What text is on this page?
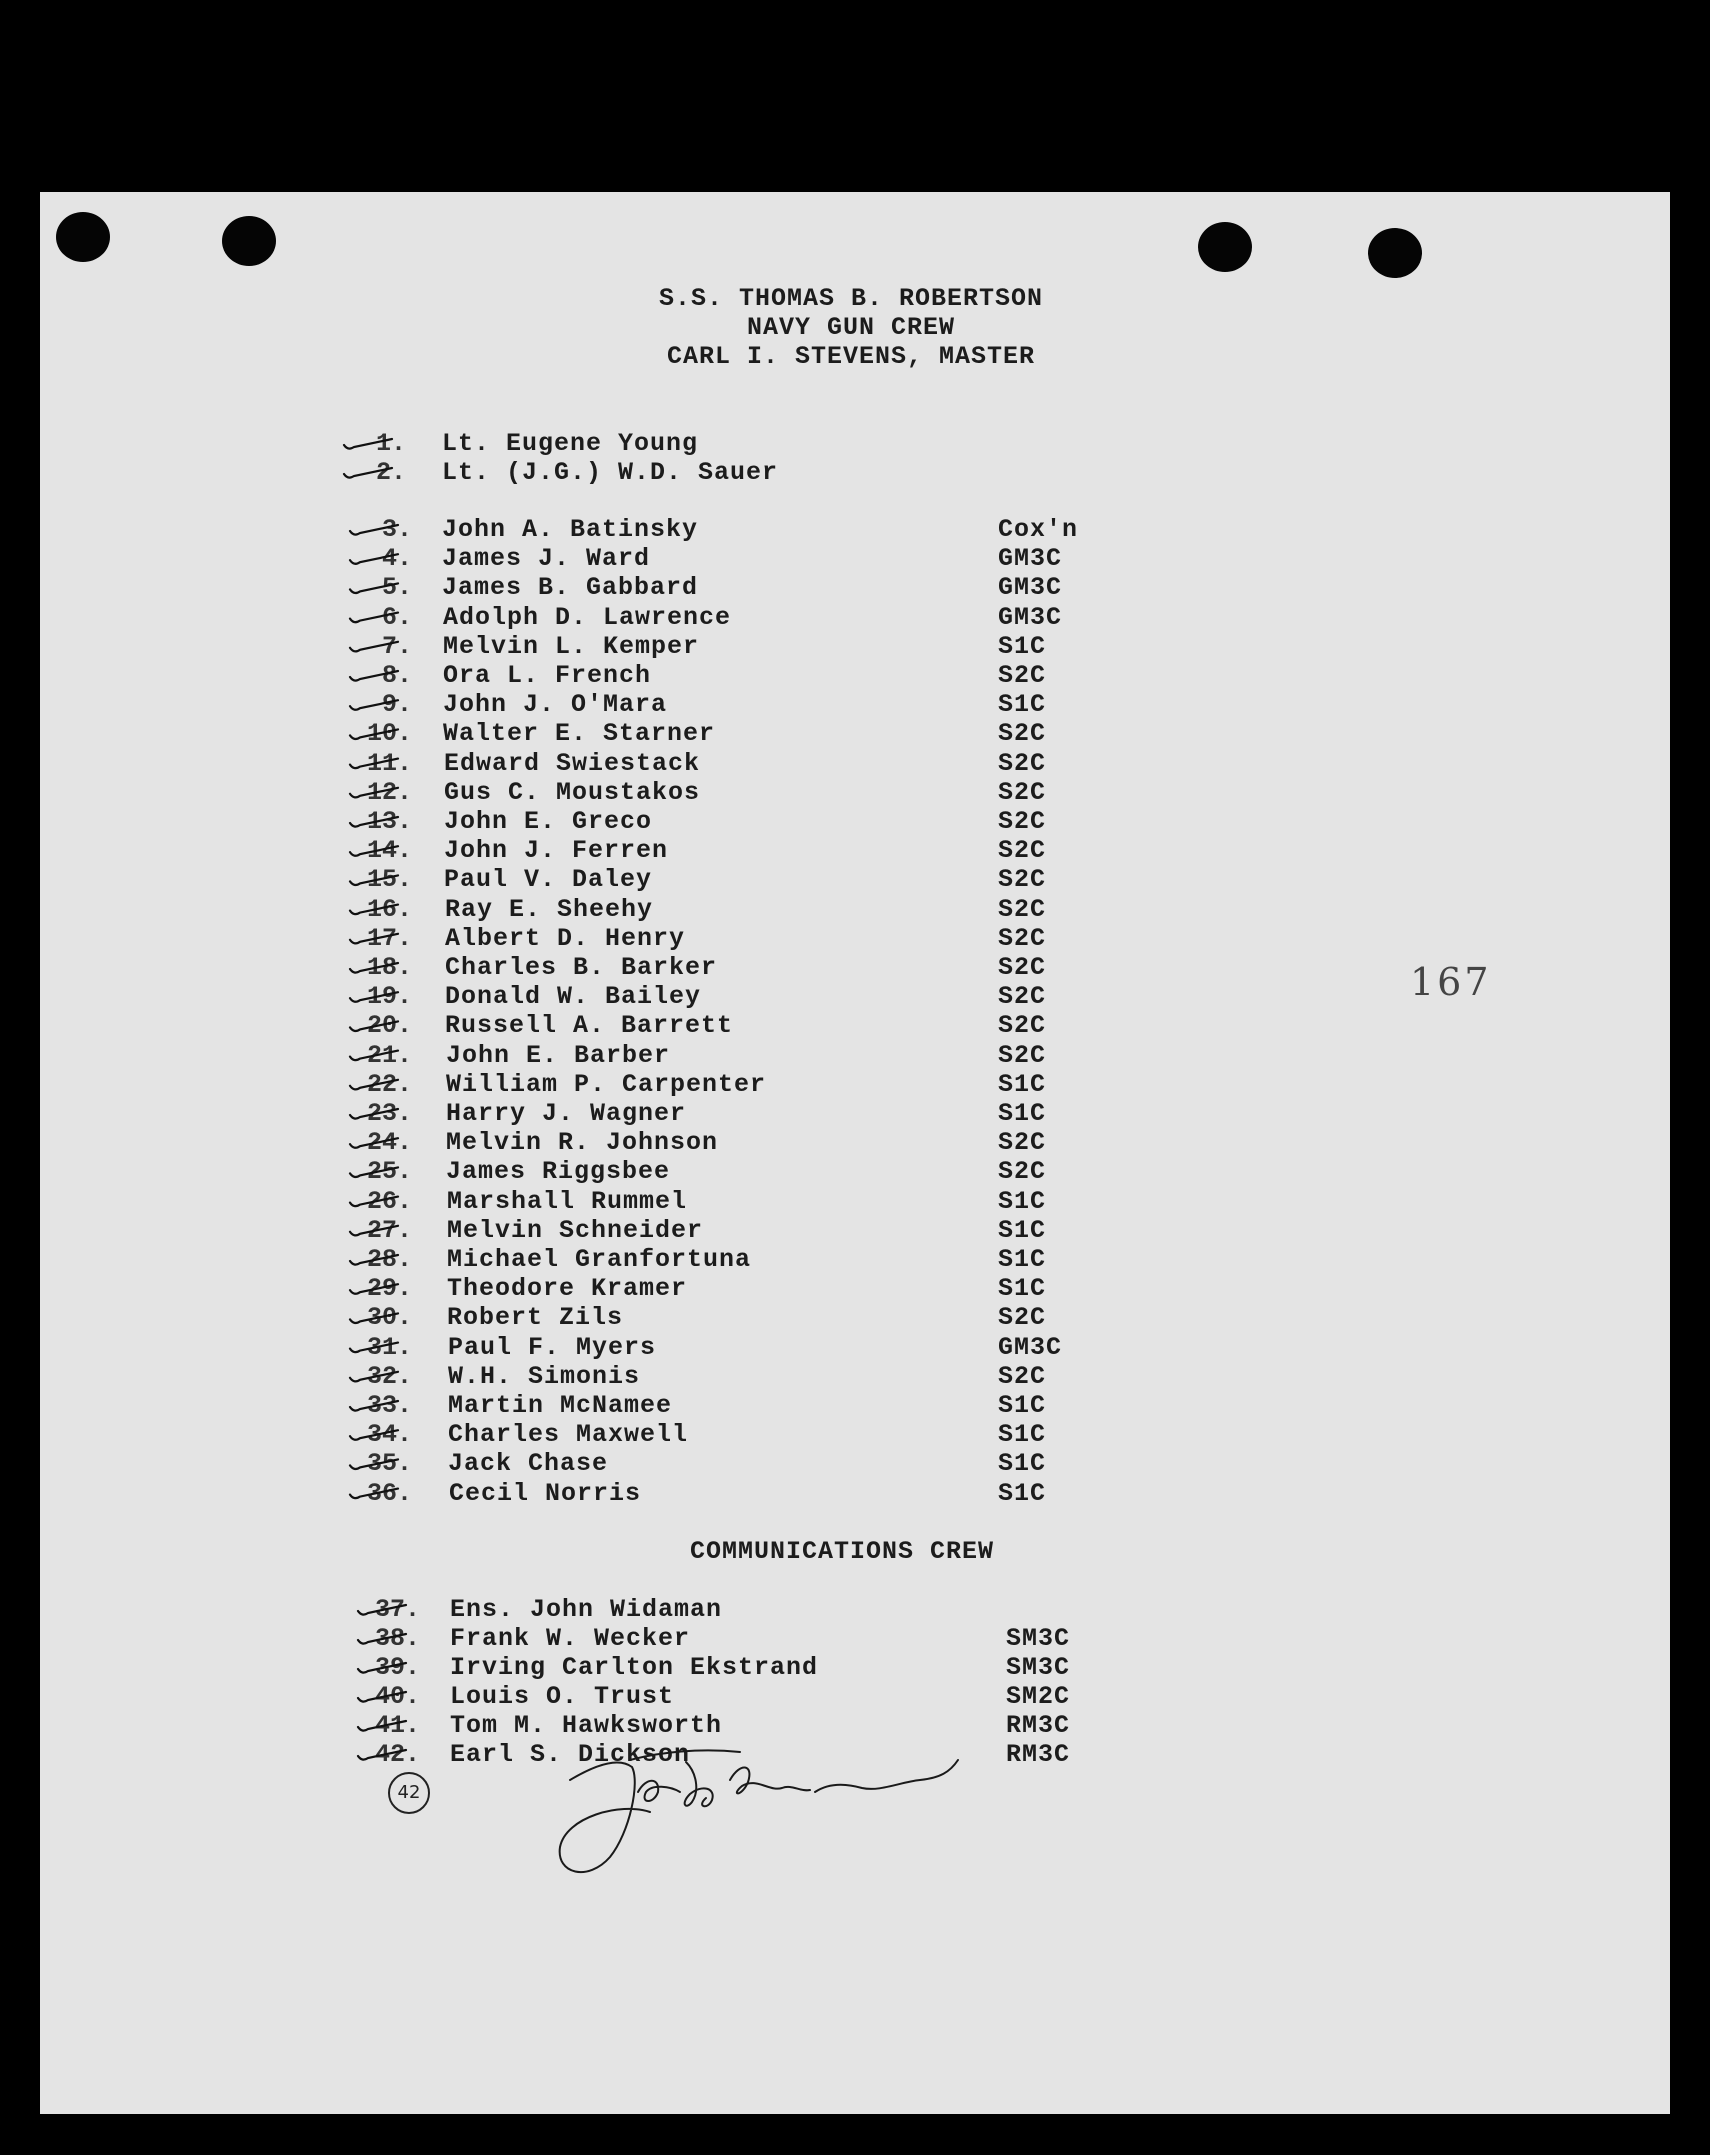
S.S. THOMAS B. ROBERTSON
NAVY GUN CREW
CARL I. STEVENS, MASTER
1. Lt. Eugene Young
2. Lt. (J.G.) W.D. Sauer
3. John A. Batinsky	Cox'n
4. James J. Ward	GM3C
5. James B. Gabbard	GM3C
6. Adolph D. Lawrence	GM3C
7. Melvin L. Kemper	S1C
8. Ora L. French	S2C
9. John J. O'Mara	S1C
10. Walter E. Starner	S2C
11. Edward Swiestack	S2C
12. Gus C. Moustakos	S2C
13. John E. Greco	S2C
14. John J. Ferren	S2C
15. Paul V. Daley	S2C
16. Ray E. Sheehy	S2C
17. Albert D. Henry	S2C
18. Charles B. Barker	S2C
19. Donald W. Bailey	S2C
20. Russell A. Barrett	S2C
21. John E. Barber	S2C
22. William P. Carpenter	S1C
23. Harry J. Wagner	S1C
24. Melvin R. Johnson	S2C
25. James Riggsbee	S2C
26. Marshall Rummel	S1C
27. Melvin Schneider	S1C
28. Michael Granfortuna	S1C
29. Theodore Kramer	S1C
30. Robert Zils	S2C
31. Paul F. Myers	GM3C
32. W.H. Simonis	S2C
33. Martin McNamee	S1C
34. Charles Maxwell	S1C
35. Jack Chase	S1C
36. Cecil Norris	S1C
37. Ens. John Widaman
38. Frank W. Wecker	SM3C
39. Irving Carlton Ekstrand	SM3C
40. Louis O. Trust	SM2C
41. Tom M. Hawksworth	RM3C
42. Earl S. Dickson	RM3C
COMMUNICATIONS CREW
167
42
